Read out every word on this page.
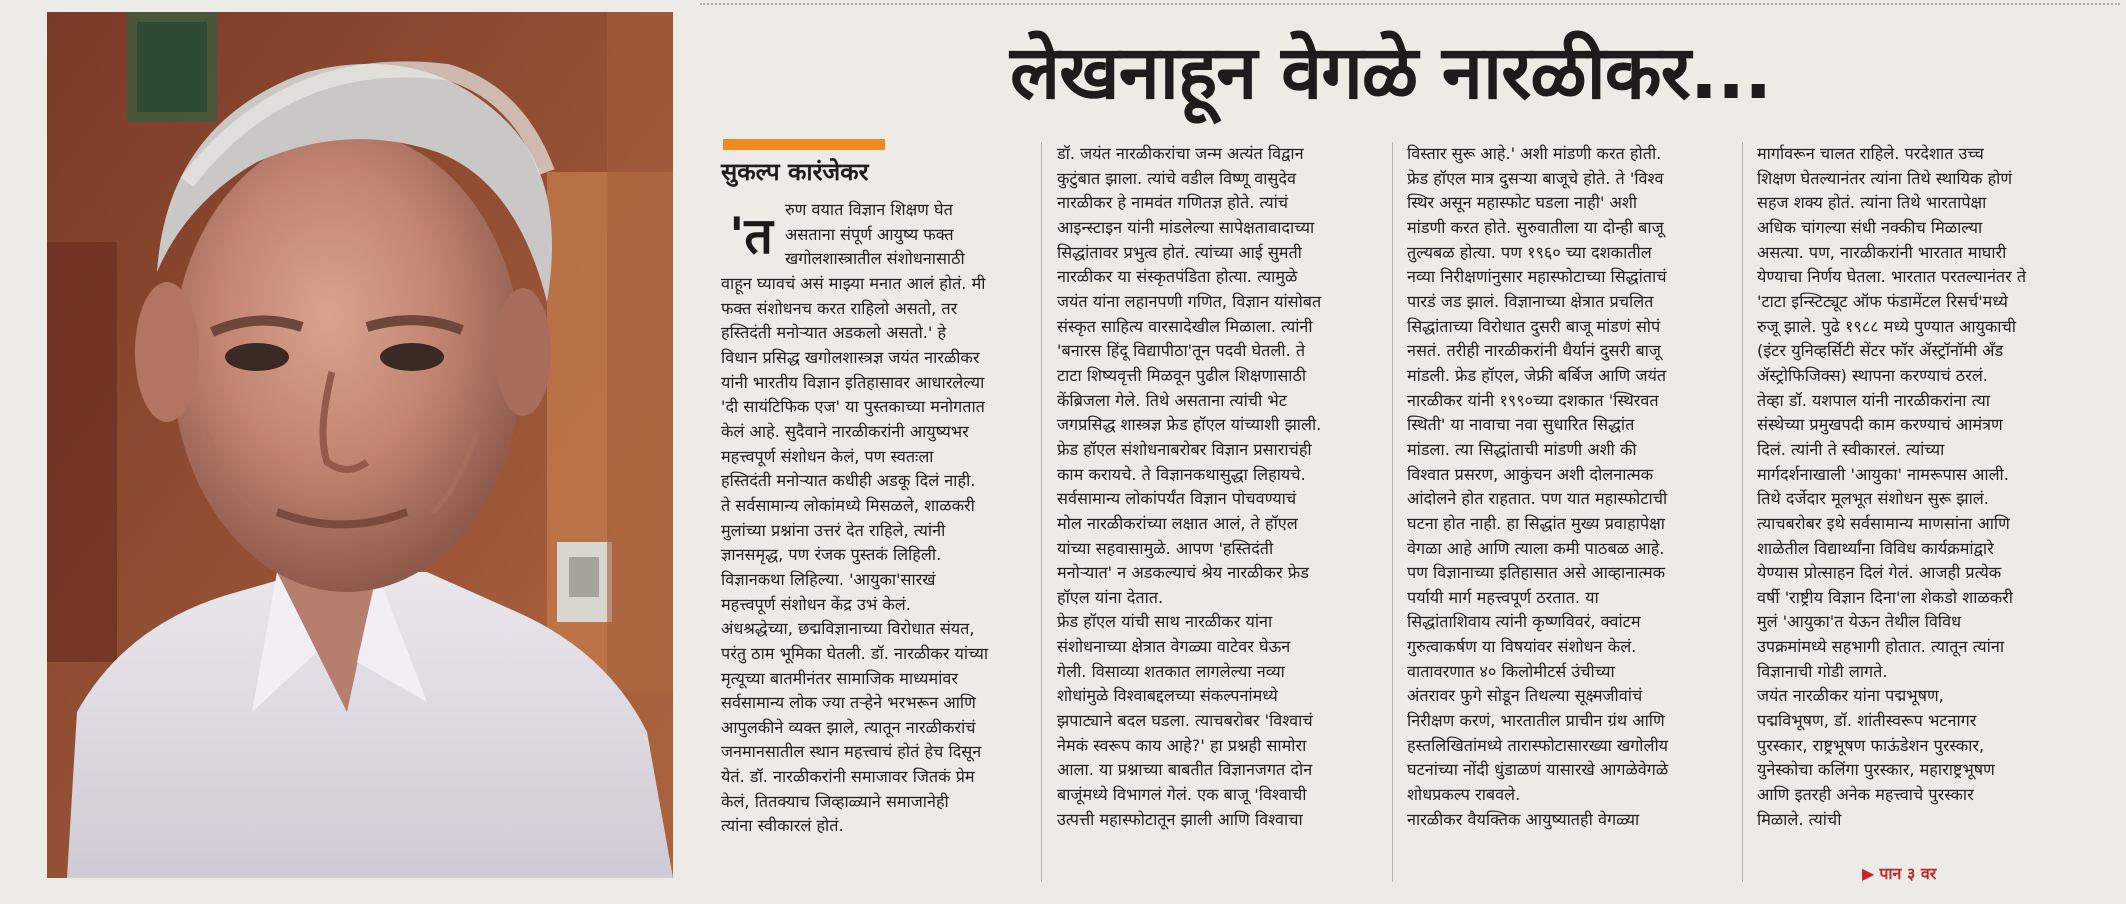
लेखनाहून वेगळे नारळीकर...
सुकल्प कारंजेकर
'त रुण वयात विज्ञान शिक्षण घेत
असताना संपूर्ण आयुष्य फक्त
खगोलशास्त्रातील संशोधनासाठी
वाहून घ्यावचं असं माझ्या मनात आलं होतं. मी
फक्त संशोधनच करत राहिलो असतो, तर
हस्तिदंती मनोऱ्यात अडकलो असतो.' हे
विधान प्रसिद्ध खगोलशास्त्रज्ञ जयंत नारळीकर
यांनी भारतीय विज्ञान इतिहासावर आधारलेल्या
'दी सायंटिफिक एज' या पुस्तकाच्या मनोगतात
केलं आहे. सुदैवाने नारळीकरांनी आयुष्यभर
महत्त्वपूर्ण संशोधन केलं, पण स्वतःला
हस्तिदंती मनोऱ्यात कधीही अडकू दिलं नाही.
ते सर्वसामान्य लोकांमध्ये मिसळले, शाळकरी
मुलांच्या प्रश्नांना उत्तरं देत राहिले, त्यांनी
ज्ञानसमृद्ध, पण रंजक पुस्तकं लिहिली.
विज्ञानकथा लिहिल्या. 'आयुका'सारखं
महत्त्वपूर्ण संशोधन केंद्र उभं केलं.
अंधश्रद्धेच्या, छद्मविज्ञानाच्या विरोधात संयत,
परंतु ठाम भूमिका घेतली. डॉ. नारळीकर यांच्या
मृत्यूच्या बातमीनंतर सामाजिक माध्यमांवर
सर्वसामान्य लोक ज्या तऱ्हेने भरभरून आणि
आपुलकीने व्यक्त झाले, त्यातून नारळीकरांचं
जनमानसातील स्थान महत्त्वाचं होतं हेच दिसून
येतं. डॉ. नारळीकरांनी समाजावर जितकं प्रेम
केलं, तितक्याच जिव्हाळ्याने समाजानेही
त्यांना स्वीकारलं होतं.
डॉ. जयंत नारळीकरांचा जन्म अत्यंत विद्वान
कुटुंबात झाला. त्यांचे वडील विष्णू वासुदेव
नारळीकर हे नामवंत गणितज्ञ होते. त्यांचं
आइन्स्टाइन यांनी मांडलेल्या सापेक्षतावादाच्या
सिद्धांतावर प्रभुत्व होतं. त्यांच्या आई सुमती
नारळीकर या संस्कृतपंडिता होत्या. त्यामुळे
जयंत यांना लहानपणी गणित, विज्ञान यांसोबत
संस्कृत साहित्य वारसादेखील मिळाला. त्यांनी
'बनारस हिंदू विद्यापीठा'तून पदवी घेतली. ते
टाटा शिष्यवृत्ती मिळवून पुढील शिक्षणासाठी
केंब्रिजला गेले. तिथे असताना त्यांची भेट
जगप्रसिद्ध शास्त्रज्ञ फ्रेड हॉएल यांच्याशी झाली.
फ्रेड हॉएल संशोधनाबरोबर विज्ञान प्रसाराचंही
काम करायचे. ते विज्ञानकथासुद्धा लिहायचे.
सर्वसामान्य लोकांपर्यंत विज्ञान पोचवण्याचं
मोल नारळीकरांच्या लक्षात आलं, ते हॉएल
यांच्या सहवासामुळे. आपण 'हस्तिदंती
मनोऱ्यात' न अडकल्याचं श्रेय नारळीकर फ्रेड
हॉएल यांना देतात.
फ्रेड हॉएल यांची साथ नारळीकर यांना
संशोधनाच्या क्षेत्रात वेगळ्या वाटेवर घेऊन
गेली. विसाव्या शतकात लागलेल्या नव्या
शोधांमुळे विश्वाबद्दलच्या संकल्पनांमध्ये
झपाट्याने बदल घडला. त्याचबरोबर 'विश्वाचं
नेमकं स्वरूप काय आहे?' हा प्रश्नही सामोरा
आला. या प्रश्नाच्या बाबतीत विज्ञानजगत दोन
बाजूंमध्ये विभागलं गेलं. एक बाजू 'विश्वाची
उत्पत्ती महास्फोटातून झाली आणि विश्वाचा
विस्तार सुरू आहे.' अशी मांडणी करत होती.
फ्रेड हॉएल मात्र दुसऱ्या बाजूचे होते. ते 'विश्व
स्थिर असून महास्फोट घडला नाही' अशी
मांडणी करत होते. सुरुवातीला या दोन्ही बाजू
तुल्यबळ होत्या. पण १९६० च्या दशकातील
नव्या निरीक्षणांनुसार महास्फोटाच्या सिद्धांताचं
पारडं जड झालं. विज्ञानाच्या क्षेत्रात प्रचलित
सिद्धांताच्या विरोधात दुसरी बाजू मांडणं सोपं
नसतं. तरीही नारळीकरांनी धैर्यानं दुसरी बाजू
मांडली. फ्रेड हॉएल, जेफ्री बर्बिज आणि जयंत
नारळीकर यांनी १९९०च्या दशकात 'स्थिरवत
स्थिती' या नावाचा नवा सुधारित सिद्धांत
मांडला. त्या सिद्धांताची मांडणी अशी की
विश्वात प्रसरण, आकुंचन अशी दोलनात्मक
आंदोलने होत राहतात. पण यात महास्फोटाची
घटना होत नाही. हा सिद्धांत मुख्य प्रवाहापेक्षा
वेगळा आहे आणि त्याला कमी पाठबळ आहे.
पण विज्ञानाच्या इतिहासात असे आव्हानात्मक
पर्यायी मार्ग महत्त्वपूर्ण ठरतात. या
सिद्धांताशिवाय त्यांनी कृष्णविवरं, क्वांटम
गुरुत्वाकर्षण या विषयांवर संशोधन केलं.
वातावरणात ४० किलोमीटर्स उंचीच्या
अंतरावर फुगे सोडून तिथल्या सूक्ष्मजीवांचं
निरीक्षण करणं, भारतातील प्राचीन ग्रंथ आणि
हस्तलिखितांमध्ये तारास्फोटासारख्या खगोलीय
घटनांच्या नोंदी धुंडाळणं यासारखे आगळेवेगळे
शोधप्रकल्प राबवले.
नारळीकर वैयक्तिक आयुष्यातही वेगळ्या
मार्गावरून चालत राहिले. परदेशात उच्च
शिक्षण घेतल्यानंतर त्यांना तिथे स्थायिक होणं
सहज शक्य होतं. त्यांना तिथे भारतापेक्षा
अधिक चांगल्या संधी नक्कीच मिळाल्या
असत्या. पण, नारळीकरांनी भारतात माघारी
येण्याचा निर्णय घेतला. भारतात परतल्यानंतर ते
'टाटा इन्स्टिट्यूट ऑफ फंडामेंटल रिसर्च'मध्ये
रुजू झाले. पुढे १९८८ मध्ये पुण्यात आयुकाची
(इंटर युनिव्हर्सिटी सेंटर फॉर ॲस्ट्रॉनॉमी ॲंड
ॲस्ट्रोफिजिक्स) स्थापना करण्याचं ठरलं.
तेव्हा डॉ. यशपाल यांनी नारळीकरांना त्या
संस्थेच्या प्रमुखपदी काम करण्याचं आमंत्रण
दिलं. त्यांनी ते स्वीकारलं. त्यांच्या
मार्गदर्शनाखाली 'आयुका' नामरूपास आली.
तिथे दर्जेदार मूलभूत संशोधन सुरू झालं.
त्याचबरोबर इथे सर्वसामान्य माणसांना आणि
शाळेतील विद्यार्थ्यांना विविध कार्यक्रमांद्वारे
येण्यास प्रोत्साहन दिलं गेलं. आजही प्रत्येक
वर्षी 'राष्ट्रीय विज्ञान दिना'ला शेकडो शाळकरी
मुलं 'आयुका'त येऊन तेथील विविध
उपक्रमांमध्ये सहभागी होतात. त्यातून त्यांना
विज्ञानाची गोडी लागते.
जयंत नारळीकर यांना पद्मभूषण,
पद्मविभूषण, डॉ. शांतीस्वरूप भटनागर
पुरस्कार, राष्ट्रभूषण फाऊंडेशन पुरस्कार,
युनेस्कोचा कलिंगा पुरस्कार, महाराष्ट्रभूषण
आणि इतरही अनेक महत्त्वाचे पुरस्कार
मिळाले. त्यांची
▶ पान ३ वर
